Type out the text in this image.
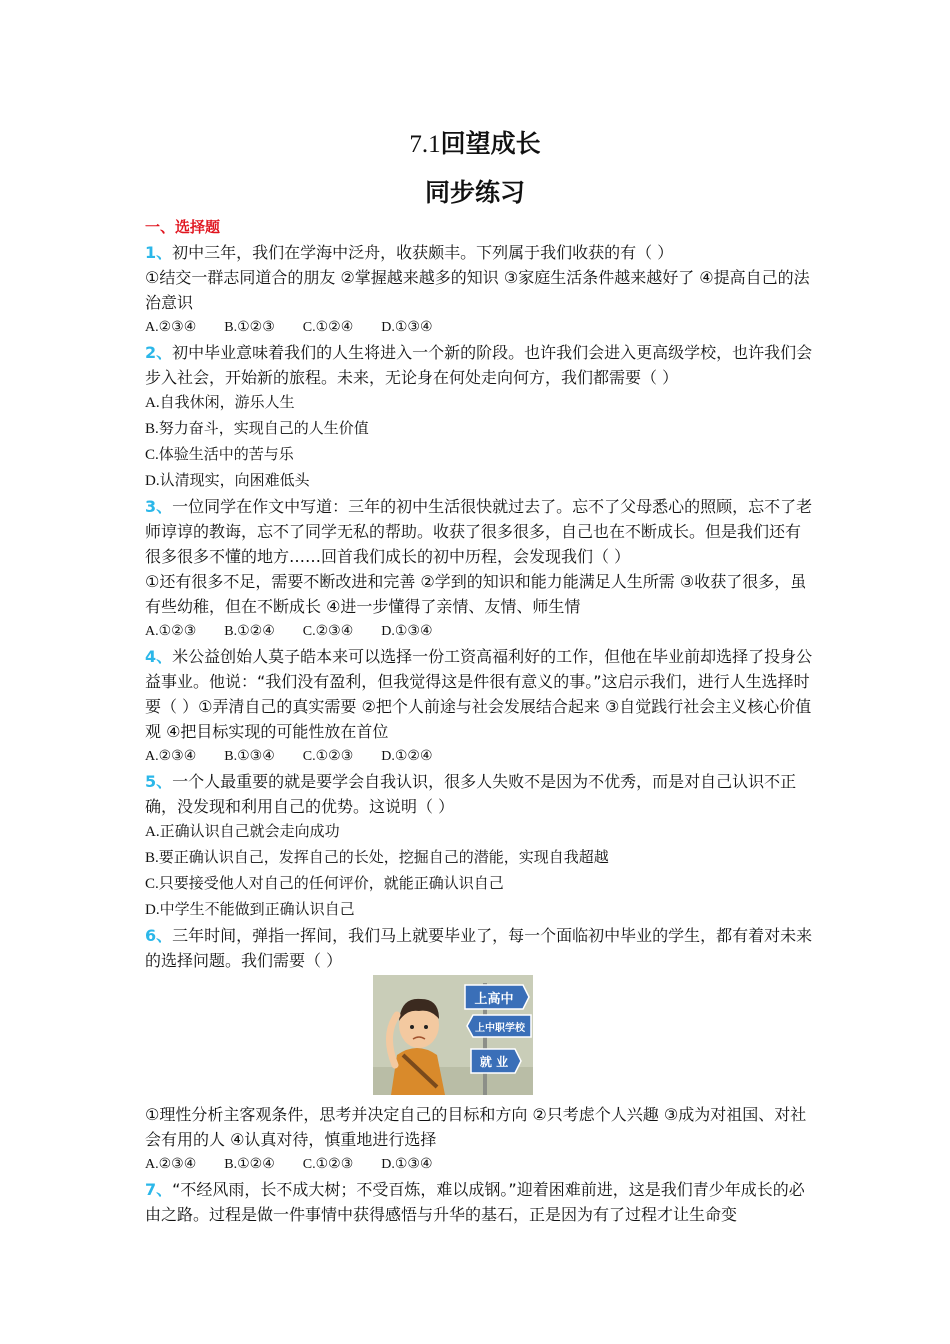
7.1回望成长
同步练习
一、选择题

1、初中三年，我们在学海中泛舟，收获颇丰。下列属于我们收获的有（ ）

①结交一群志同道合的朋友 ②掌握越来越多的知识 ③家庭生活条件越来越好了 ④提高自己的法治意识

A.②③④ B.①②③ C.①②④ D.①③④

2、初中毕业意味着我们的人生将进入一个新的阶段。也许我们会进入更高级学校，也许我们会步入社会，开始新的旅程。未来，无论身在何处走向何方，我们都需要（ ）

A.自我休闲，游乐人生

B.努力奋斗，实现自己的人生价值

C.体验生活中的苦与乐

D.认清现实，向困难低头

3、一位同学在作文中写道：三年的初中生活很快就过去了。忘不了父母悉心的照顾，忘不了老师谆谆的教诲，忘不了同学无私的帮助。收获了很多很多，自己也在不断成长。但是我们还有很多很多不懂的地方……回首我们成长的初中历程，会发现我们（ ）

①还有很多不足，需要不断改进和完善 ②学到的知识和能力能满足人生所需 ③收获了很多，虽有些幼稚，但在不断成长 ④进一步懂得了亲情、友情、师生情

A.①②③ B.①②④ C.②③④ D.①③④

4、米公益创始人莫子皓本来可以选择一份工资高福利好的工作，但他在毕业前却选择了投身公益事业。他说：“我们没有盈利，但我觉得这是件很有意义的事。”这启示我们，进行人生选择时要（ ）①弄清自己的真实需要 ②把个人前途与社会发展结合起来 ③自觉践行社会主义核心价值观 ④把目标实现的可能性放在首位

A.②③④ B.①③④ C.①②③ D.①②④

5、一个人最重要的就是要学会自我认识，很多人失败不是因为不优秀，而是对自己认识不正确，没发现和利用自己的优势。这说明（ ）

A.正确认识自己就会走向成功

B.要正确认识自己，发挥自己的长处，挖掘自己的潜能，实现自我超越

C.只要接受他人对自己的任何评价，就能正确认识自己

D.中学生不能做到正确认识自己

6、三年时间，弹指一挥间，我们马上就要毕业了，每一个面临初中毕业的学生，都有着对未来的选择问题。我们需要（ ）

上高中
上中职学校
就 业

①理性分析主客观条件，思考并决定自己的目标和方向 ②只考虑个人兴趣 ③成为对祖国、对社会有用的人 ④认真对待，慎重地进行选择

A.②③④ B.①②④ C.①②③ D.①③④

7、“不经风雨，长不成大树；不受百炼，难以成钢。”迎着困难前进，这是我们青少年成长的必由之路。过程是做一件事情中获得感悟与升华的基石，正是因为有了过程才让生命变
